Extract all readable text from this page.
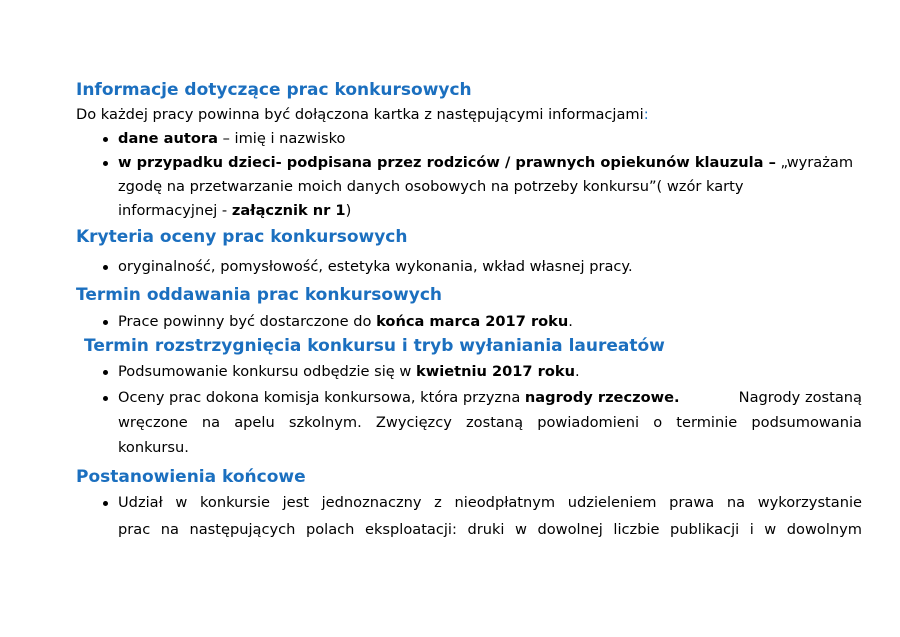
Informacje dotyczące prac konkursowych
Do każdej pracy powinna być dołączona kartka z następującymi informacjami:
dane autora – imię i nazwisko
w przypadku dzieci- podpisana przez rodziców / prawnych opiekunów klauzula – „wyrażam
zgodę na przetwarzanie moich danych osobowych na potrzeby konkursu”( wzór karty
informacyjnej - załącznik nr 1)
Kryteria oceny prac konkursowych
oryginalność, pomysłowość, estetyka wykonania, wkład własnej pracy.
Termin oddawania prac konkursowych
Prace powinny być dostarczone do końca marca 2017 roku.
Termin rozstrzygnięcia konkursu i tryb wyłaniania laureatów
Podsumowanie konkursu odbędzie się w kwietniu 2017 roku.
Oceny prac dokona komisja konkursowa, która przyzna nagrody rzeczowe.	Nagrody zostaną
wręczone na apelu szkolnym. Zwycięzcy zostaną powiadomieni o terminie podsumowania
konkursu.
Postanowienia końcowe
Udział w konkursie jest jednoznaczny z nieodpłatnym udzieleniem prawa na wykorzystanie
prac na następujących polach eksploatacji: druki w dowolnej liczbie publikacji i w dowolnym
